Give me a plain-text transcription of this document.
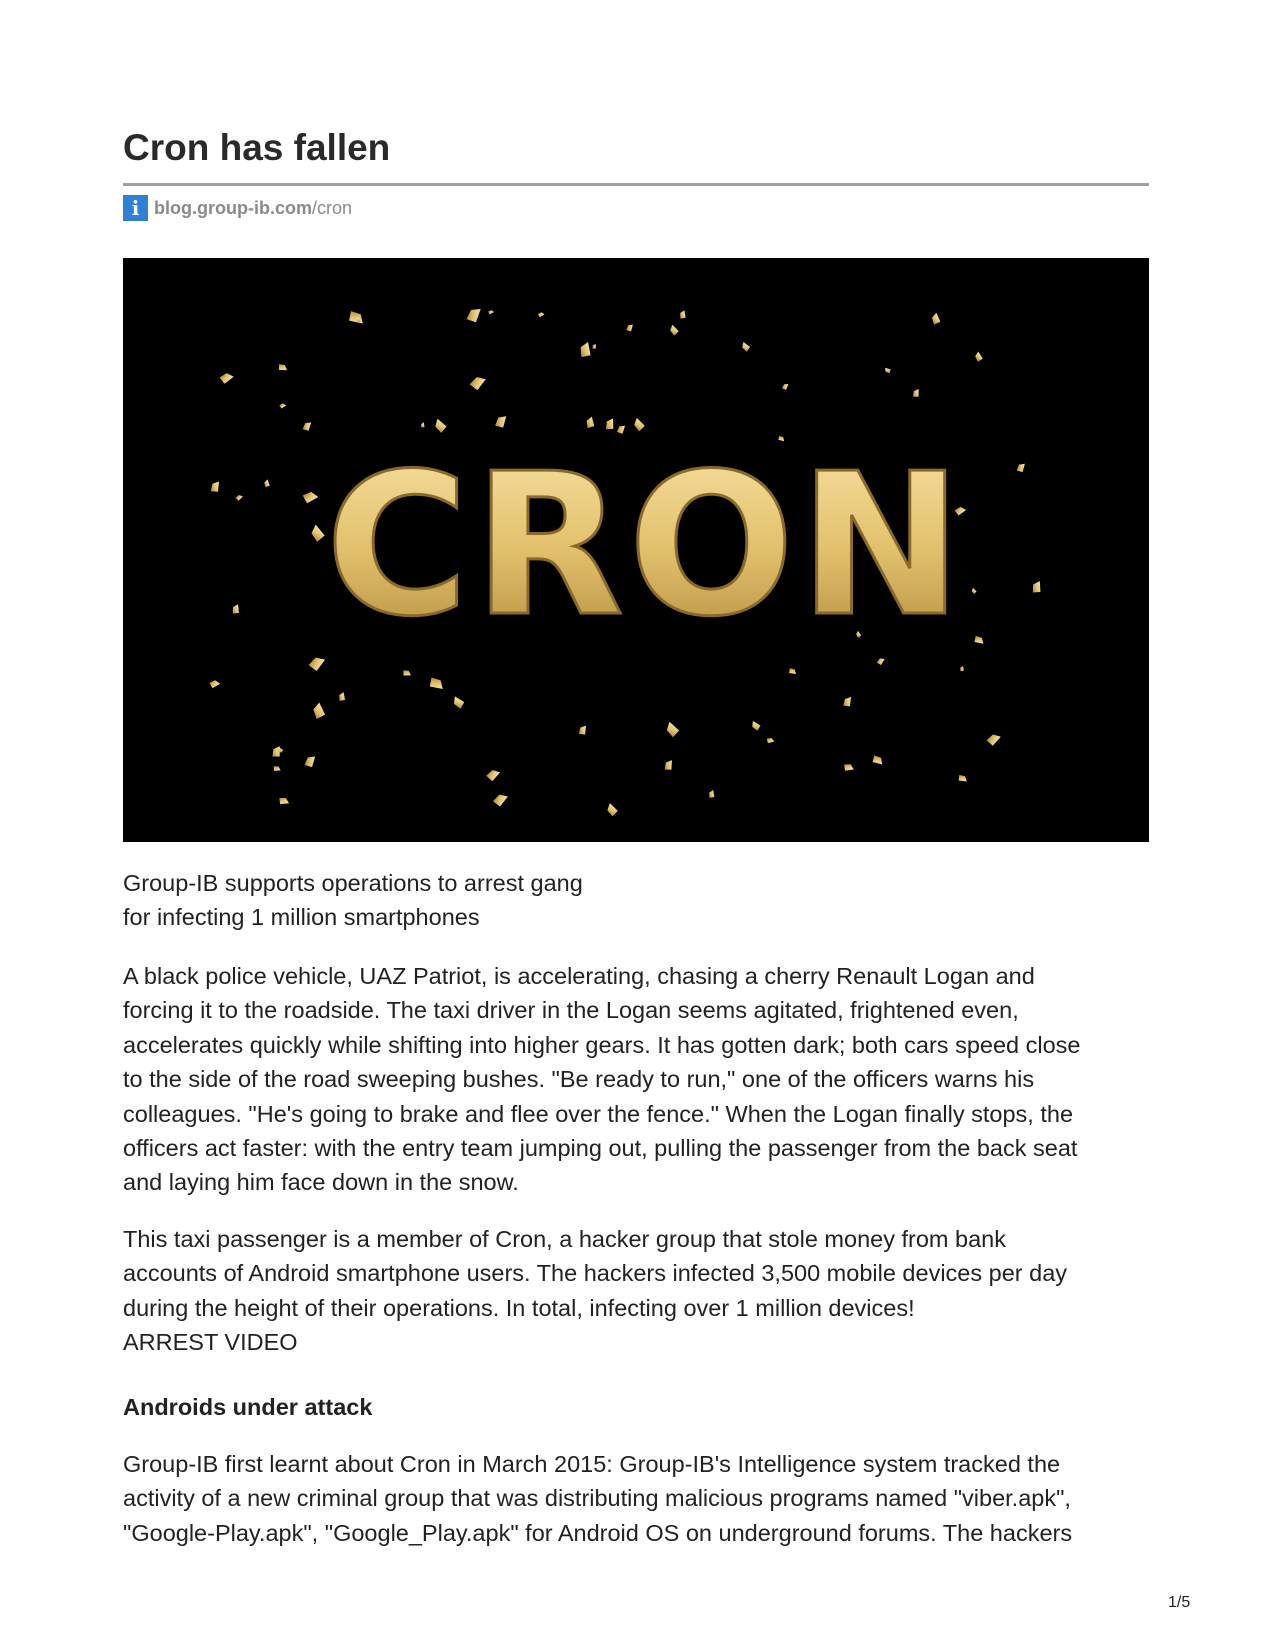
Cron has fallen
i blog.group-ib.com /cron
CRON
Group-IB supports operations to arrest gang
for infecting 1 million smartphones
A black police vehicle, UAZ Patriot, is accelerating, chasing a cherry Renault Logan and
forcing it to the roadside. The taxi driver in the Logan seems agitated, frightened even,
accelerates quickly while shifting into higher gears. It has gotten dark; both cars speed close
to the side of the road sweeping bushes. "Be ready to run," one of the officers warns his
colleagues. "He's going to brake and flee over the fence." When the Logan finally stops, the
officers act faster: with the entry team jumping out, pulling the passenger from the back seat
and laying him face down in the snow.
This taxi passenger is a member of Cron, a hacker group that stole money from bank
accounts of Android smartphone users. The hackers infected 3,500 mobile devices per day
during the height of their operations. In total, infecting over 1 million devices!
ARREST VIDEO
Androids under attack
Group-IB first learnt about Cron in March 2015: Group-IB's Intelligence system tracked the
activity of a new criminal group that was distributing malicious programs named "viber.apk",
"Google-Play.apk", "Google_Play.apk" for Android OS on underground forums. The hackers
1/5
